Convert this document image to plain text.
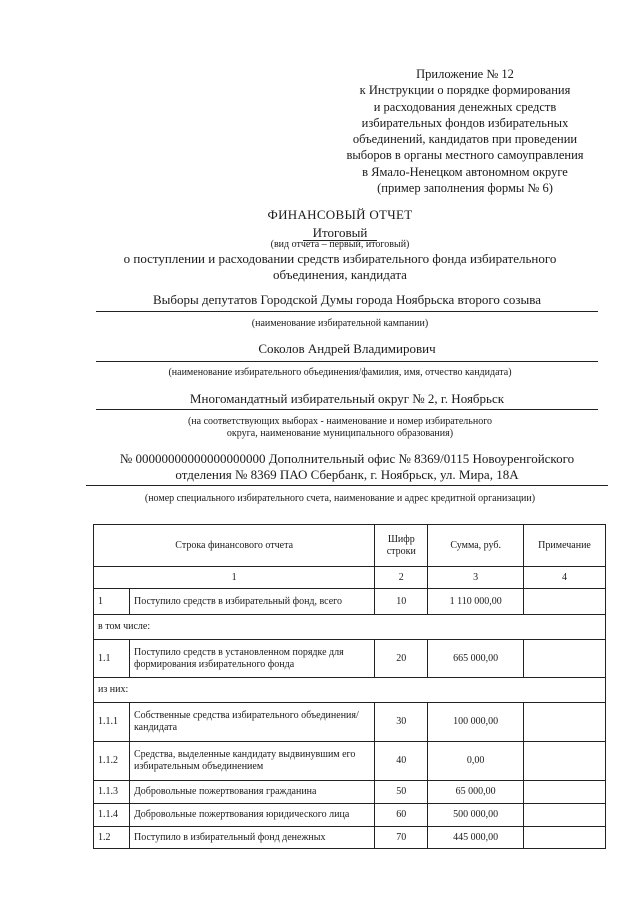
Приложение № 12
к Инструкции о порядке формирования
и расходования денежных средств
избирательных фондов избирательных
объединений, кандидатов при проведении
выборов в органы местного самоуправления
в Ямало-Ненецком автономном округе
(пример заполнения формы № 6)
ФИНАНСОВЫЙ ОТЧЕТ
Итоговый
(вид отчета – первый, итоговый)
о поступлении и расходовании средств избирательного фонда избирательного
объединения, кандидата
Выборы депутатов Городской Думы города Ноябрьска второго созыва
(наименование избирательной кампании)
Соколов Андрей Владимирович
(наименование избирательного объединения/фамилия, имя, отчество кандидата)
Многомандатный избирательный округ № 2, г. Ноябрьск
(на соответствующих выборах - наименование и номер избирательного
округа, наименование муниципального образования)
№ 00000000000000000000 Дополнительный офис № 8369/0115 Новоуренгойского
отделения № 8369 ПАО Сбербанк, г. Ноябрьск, ул. Мира, 18А
(номер специального избирательного счета, наименование и адрес кредитной организации)
Строка финансового отчета		Шифр строки	Сумма, руб.	Примечание
1		2	3	4
1	Поступило средств в избирательный фонд, всего	10	1 110 000,00	
в том числе:				
1.1	Поступило средств в установленном порядке для формирования избирательного фонда	20	665 000,00	
из них:				
1.1.1	Собственные средства избирательного объединения/кандидата	30	100 000,00	
1.1.2	Средства, выделенные кандидату выдвинувшим его избирательным объединением	40	0,00	
1.1.3	Добровольные пожертвования гражданина	50	65 000,00	
1.1.4	Добровольные пожертвования юридического лица	60	500 000,00	
1.2	Поступило в избирательный фонд денежных	70	445 000,00	
